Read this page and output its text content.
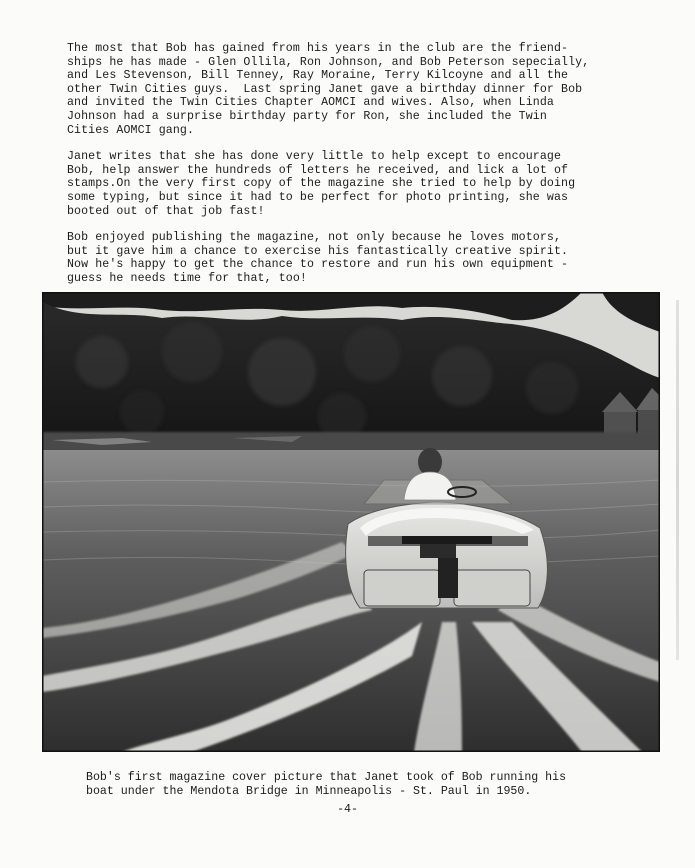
The most that Bob has gained from his years in the club are the friend-
ships he has made - Glen Ollila, Ron Johnson, and Bob Peterson sepecially,
and Les Stevenson, Bill Tenney, Ray Moraine, Terry Kilcoyne and all the
other Twin Cities guys.  Last spring Janet gave a birthday dinner for Bob
and invited the Twin Cities Chapter AOMCI and wives. Also, when Linda
Johnson had a surprise birthday party for Ron, she included the Twin
Cities AOMCI gang.

Janet writes that she has done very little to help except to encourage
Bob, help answer the hundreds of letters he received, and lick a lot of
stamps.On the very first copy of the magazine she tried to help by doing
some typing, but since it had to be perfect for photo printing, she was
booted out of that job fast!

Bob enjoyed publishing the magazine, not only because he loves motors,
but it gave him a chance to exercise his fantastically creative spirit.
Now he's happy to get the chance to restore and run his own equipment -
guess he needs time for that, too!

Bob's first magazine cover picture that Janet took of Bob running his
boat under the Mendota Bridge in Minneapolis - St. Paul in 1950.
-4-
